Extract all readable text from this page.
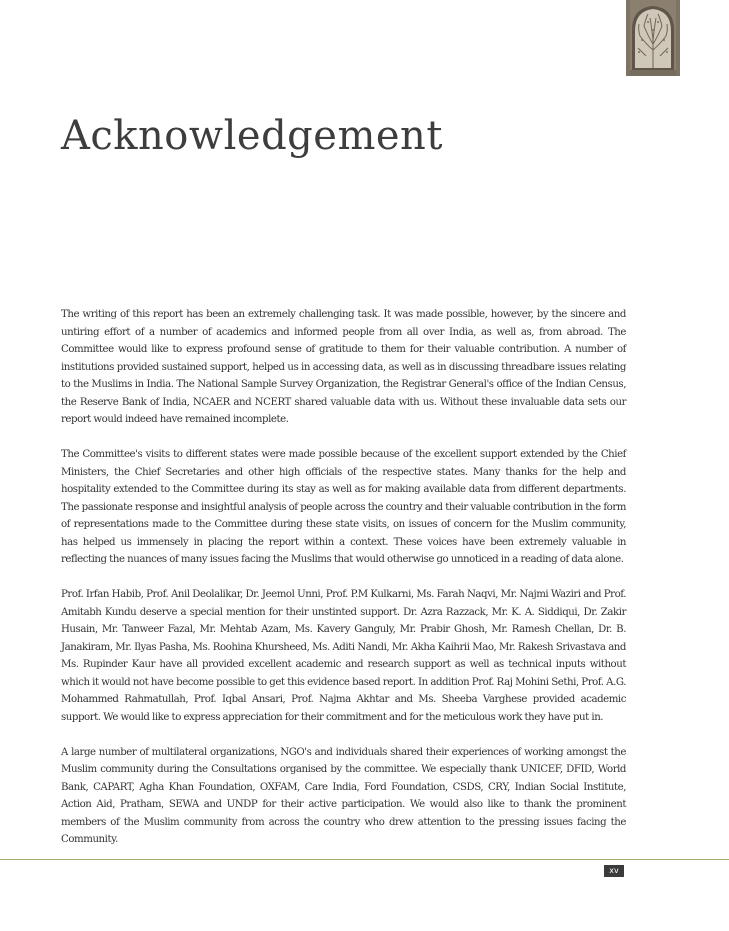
Acknowledgement

The writing of this report has been an extremely challenging task. It was made possible, however, by the sincere and untiring effort of a number of academics and informed people from all over India, as well as, from abroad. The Committee would like to express profound sense of gratitude to them for their valuable contribution. A number of institutions provided sustained support, helped us in accessing data, as well as in discussing threadbare issues relating to the Muslims in India. The National Sample Survey Organization, the Registrar General's office of the Indian Census, the Reserve Bank of India, NCAER and NCERT shared valuable data with us. Without these invaluable data sets our report would indeed have remained incomplete.

The Committee's visits to different states were made possible because of the excellent support extended by the Chief Ministers, the Chief Secretaries and other high officials of the respective states. Many thanks for the help and hospitality extended to the Committee during its stay as well as for making available data from different departments. The passionate response and insightful analysis of people across the country and their valuable contribution in the form of representations made to the Committee during these state visits, on issues of concern for the Muslim community, has helped us immensely in placing the report within a context. These voices have been extremely valuable in reflecting the nuances of many issues facing the Muslims that would otherwise go unnoticed in a reading of data alone.

Prof. Irfan Habib, Prof. Anil Deolalikar, Dr. Jeemol Unni, Prof. P.M Kulkarni, Ms. Farah Naqvi, Mr. Najmi Waziri and Prof. Amitabh Kundu deserve a special mention for their unstinted support. Dr. Azra Razzack, Mr. K. A. Siddiqui, Dr. Zakir Husain, Mr. Tanweer Fazal, Mr. Mehtab Azam, Ms. Kavery Ganguly, Mr. Prabir Ghosh, Mr. Ramesh Chellan, Dr. B. Janakiram, Mr. Ilyas Pasha, Ms. Roohina Khursheed, Ms. Aditi Nandi, Mr. Akha Kaihrii Mao, Mr. Rakesh Srivastava and Ms. Rupinder Kaur have all provided excellent academic and research support as well as technical inputs without which it would not have become possible to get this evidence based report. In addition Prof. Raj Mohini Sethi, Prof. A.G. Mohammed Rahmatullah, Prof. Iqbal Ansari, Prof. Najma Akhtar and Ms. Sheeba Varghese provided academic support. We would like to express appreciation for their commitment and for the meticulous work they have put in.

A large number of multilateral organizations, NGO's and individuals shared their experiences of working amongst the Muslim community during the Consultations organised by the committee. We especially thank UNICEF, DFID, World Bank, CAPART, Agha Khan Foundation, OXFAM, Care India, Ford Foundation, CSDS, CRY, Indian Social Institute, Action Aid, Pratham, SEWA and UNDP for their active participation. We would also like to thank the prominent members of the Muslim community from across the country who drew attention to the pressing issues facing the Community.

xv
